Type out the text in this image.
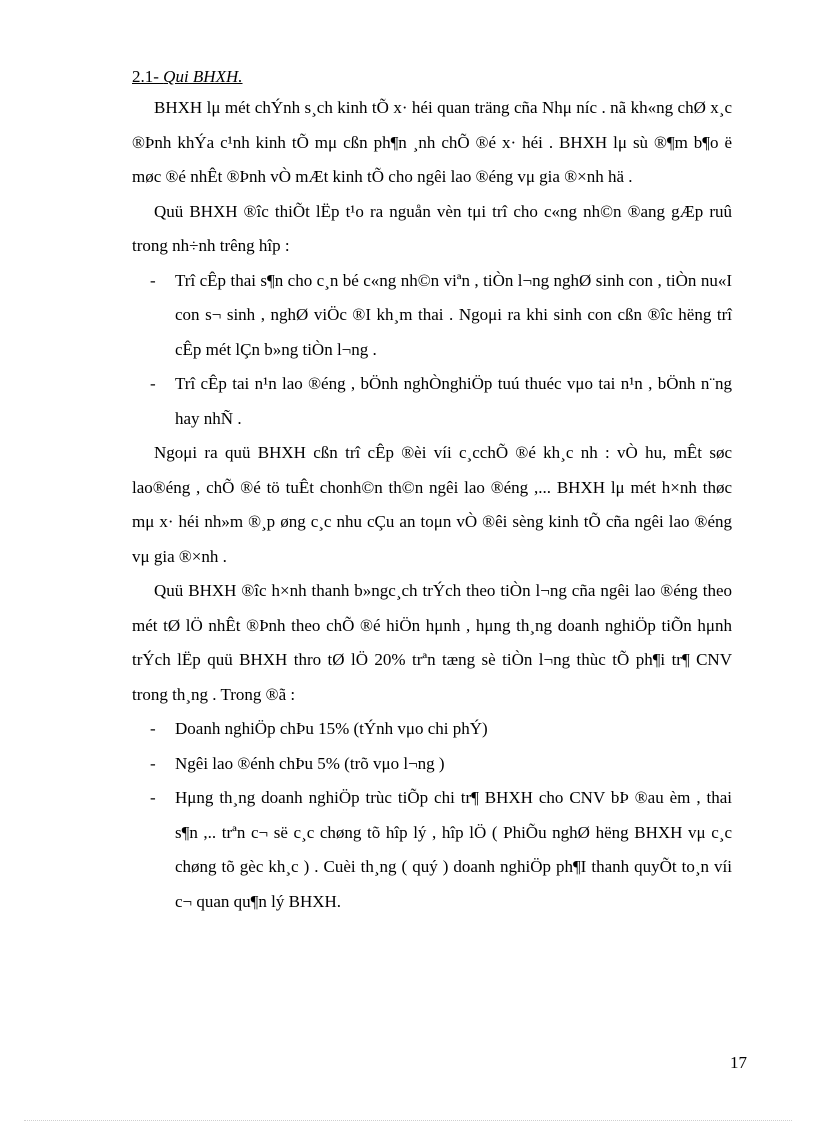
2.1- Qui BHXH.

BHXH lμ mét chÝnh s¸ch kinh tÕ x· héi quan träng cña Nhμ níc . nã kh«ng chØ x¸c ®Þnh khÝa c¹nh kinh tÕ mμ cßn ph¶n ¸nh chÕ ®é x· héi . BHXH lμ sù ®¶m b¶o ë møc ®é nhÊt ®Þnh vÒ mÆt kinh tÕ cho ngêi lao ®éng vμ gia ®×nh hä .

Quü BHXH ®îc thiÕt lËp t¹o ra nguån vèn tμi trî cho c«ng nh©n ®ang gÆp ruû trong nh÷nh trêng hîp :

- Trî cÊp thai s¶n cho c¸n bé c«ng nh©n viªn , tiÒn l¬ng nghØ sinh con , tiÒn nu«I con s¬ sinh , nghØ viÖc ®I kh¸m thai . Ngoμi ra khi sinh con cßn ®îc hëng trî cÊp mét lÇn b»ng tiÒn l¬ng .
- Trî cÊp tai n¹n lao ®éng , bÖnh nghÒnghiÖp tuú thuéc vμo tai n¹n , bÖnh n¨ng hay nhÑ .

Ngoμi ra quü BHXH cßn trî cÊp ®èi víi c¸cchÕ ®é kh¸c nh : vÒ hu, mÊt søc lao®éng , chÕ ®é tö tuÊt chonh©n th©n ngêi lao ®éng ,... BHXH lμ mét h×nh thøc mμ x· héi nh»m ®¸p øng c¸c nhu cÇu an toμn vÒ ®êi sèng kinh tÕ cña ngêi lao ®éng vμ gia ®×nh .

Quü BHXH ®îc h×nh thanh b»ngc¸ch trÝch theo tiÒn l¬ng cña ngêi lao ®éng theo mét tØ lÖ nhÊt ®Þnh theo chÕ ®é hiÖn hμnh , hμng th¸ng doanh nghiÖp tiÕn hμnh trÝch lËp quü BHXH thro tØ lÖ 20% trªn tæng sè tiÒn l¬ng thùc tÕ ph¶i tr¶ CNV trong th¸ng . Trong ®ã :

- Doanh nghiÖp chÞu 15% (tÝnh vμo chi phÝ)
- Ngêi lao ®énh chÞu 5% (trõ vμo l¬ng )
- Hμng th¸ng doanh nghiÖp trùc tiÕp chi tr¶ BHXH cho CNV bÞ ®au èm , thai s¶n ,.. trªn c¬ së c¸c chøng tõ hîp lý , hîp lÖ ( PhiÕu nghØ hëng BHXH vμ c¸c chøng tõ gèc kh¸c ) . Cuèi th¸ng ( quý ) doanh nghiÖp ph¶I thanh quyÕt to¸n víi c¬ quan qu¶n lý BHXH.
17
